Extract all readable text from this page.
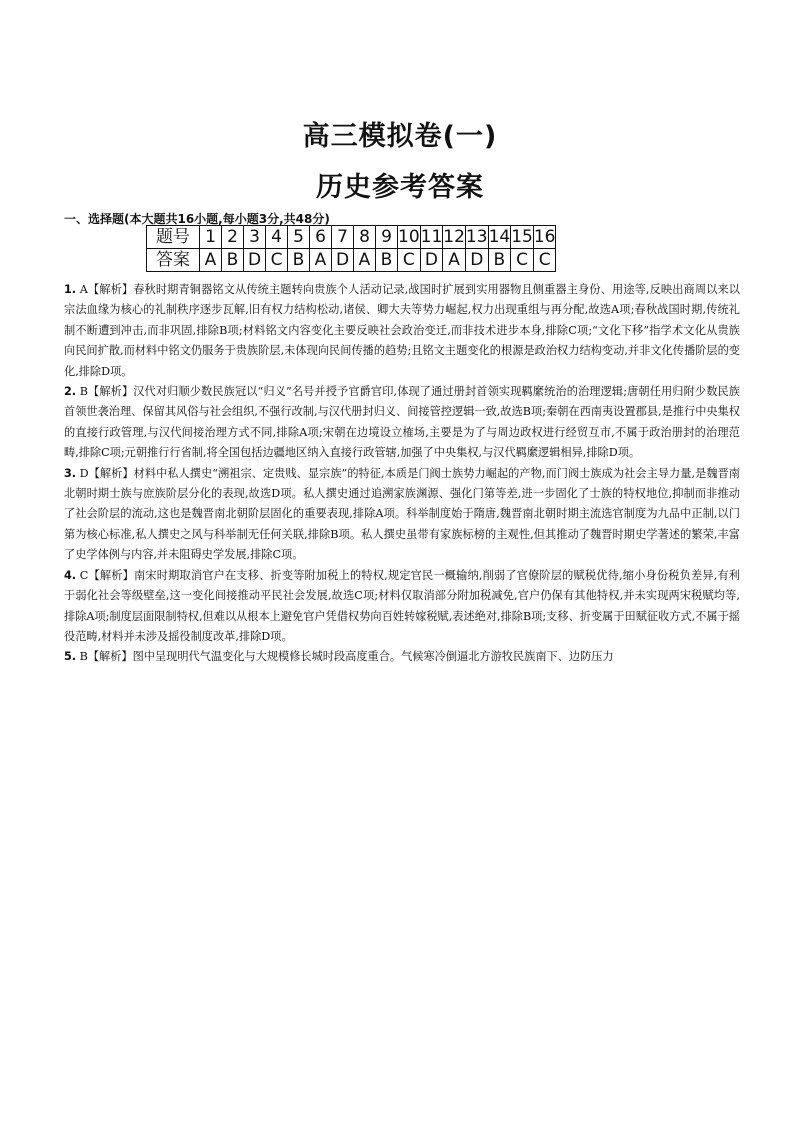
高三模拟卷(一)
历史参考答案
一、选择题(本大题共16小题,每小题3分,共48分)
题号	1	2	3	4	5	6	7	8	9	10	11	12	13	14	15	16
答案	A	B	D	C	B	A	D	A	B	C	D	A	D	B	C	C

1. A【解析】春秋时期青铜器铭文从传统主题转向贵族个人活动记录,战国时扩展到实用器物且侧重器主身份、用途等,反映出商周以来以宗法血缘为核心的礼制秩序逐步瓦解,旧有权力结构松动,诸侯、卿大夫等势力崛起,权力出现重组与再分配,故选A项;春秋战国时期,传统礼制不断遭到冲击,而非巩固,排除B项;材料铭文内容变化主要反映社会政治变迁,而非技术进步本身,排除C项;“文化下移”指学术文化从贵族向民间扩散,而材料中铭文仍服务于贵族阶层,未体现向民间传播的趋势;且铭文主题变化的根源是政治权力结构变动,并非文化传播阶层的变化,排除D项。

2. B【解析】汉代对归顺少数民族冠以“归义”名号并授予官爵官印,体现了通过册封首领实现羁縻统治的治理逻辑;唐朝任用归附少数民族首领世袭治理、保留其风俗与社会组织,不强行改制,与汉代册封归义、间接管控逻辑一致,故选B项;秦朝在西南夷设置郡县,是推行中央集权的直接行政管理,与汉代间接治理方式不同,排除A项;宋朝在边境设立榷场,主要是为了与周边政权进行经贸互市,不属于政治册封的治理范畴,排除C项;元朝推行行省制,将全国包括边疆地区纳入直接行政管辖,加强了中央集权,与汉代羁縻逻辑相异,排除D项。

3. D【解析】材料中私人撰史“溯祖宗、定贵贱、显宗族”的特征,本质是门阀士族势力崛起的产物,而门阀士族成为社会主导力量,是魏晋南北朝时期士族与庶族阶层分化的表现,故选D项。私人撰史通过追溯家族渊源、强化门第等差,进一步固化了士族的特权地位,抑制而非推动了社会阶层的流动,这也是魏晋南北朝阶层固化的重要表现,排除A项。科举制度始于隋唐,魏晋南北朝时期主流选官制度为九品中正制,以门第为核心标准,私人撰史之风与科举制无任何关联,排除B项。私人撰史虽带有家族标榜的主观性,但其推动了魏晋时期史学著述的繁荣,丰富了史学体例与内容,并未阻碍史学发展,排除C项。

4. C【解析】南宋时期取消官户在支移、折变等附加税上的特权,规定官民一概输纳,削弱了官僚阶层的赋税优待,缩小身份税负差异,有利于弱化社会等级壁垒,这一变化间接推动平民社会发展,故选C项;材料仅取消部分附加税减免,官户仍保有其他特权,并未实现两宋税赋均等,排除A项;制度层面限制特权,但难以从根本上避免官户凭借权势向百姓转嫁税赋,表述绝对,排除B项;支移、折变属于田赋征收方式,不属于摇役范畴,材料并未涉及摇役制度改革,排除D项。

5. B【解析】图中呈现明代气温变化与大规模修长城时段高度重合。气候寒冷倒逼北方游牧民族南下、边防压力
